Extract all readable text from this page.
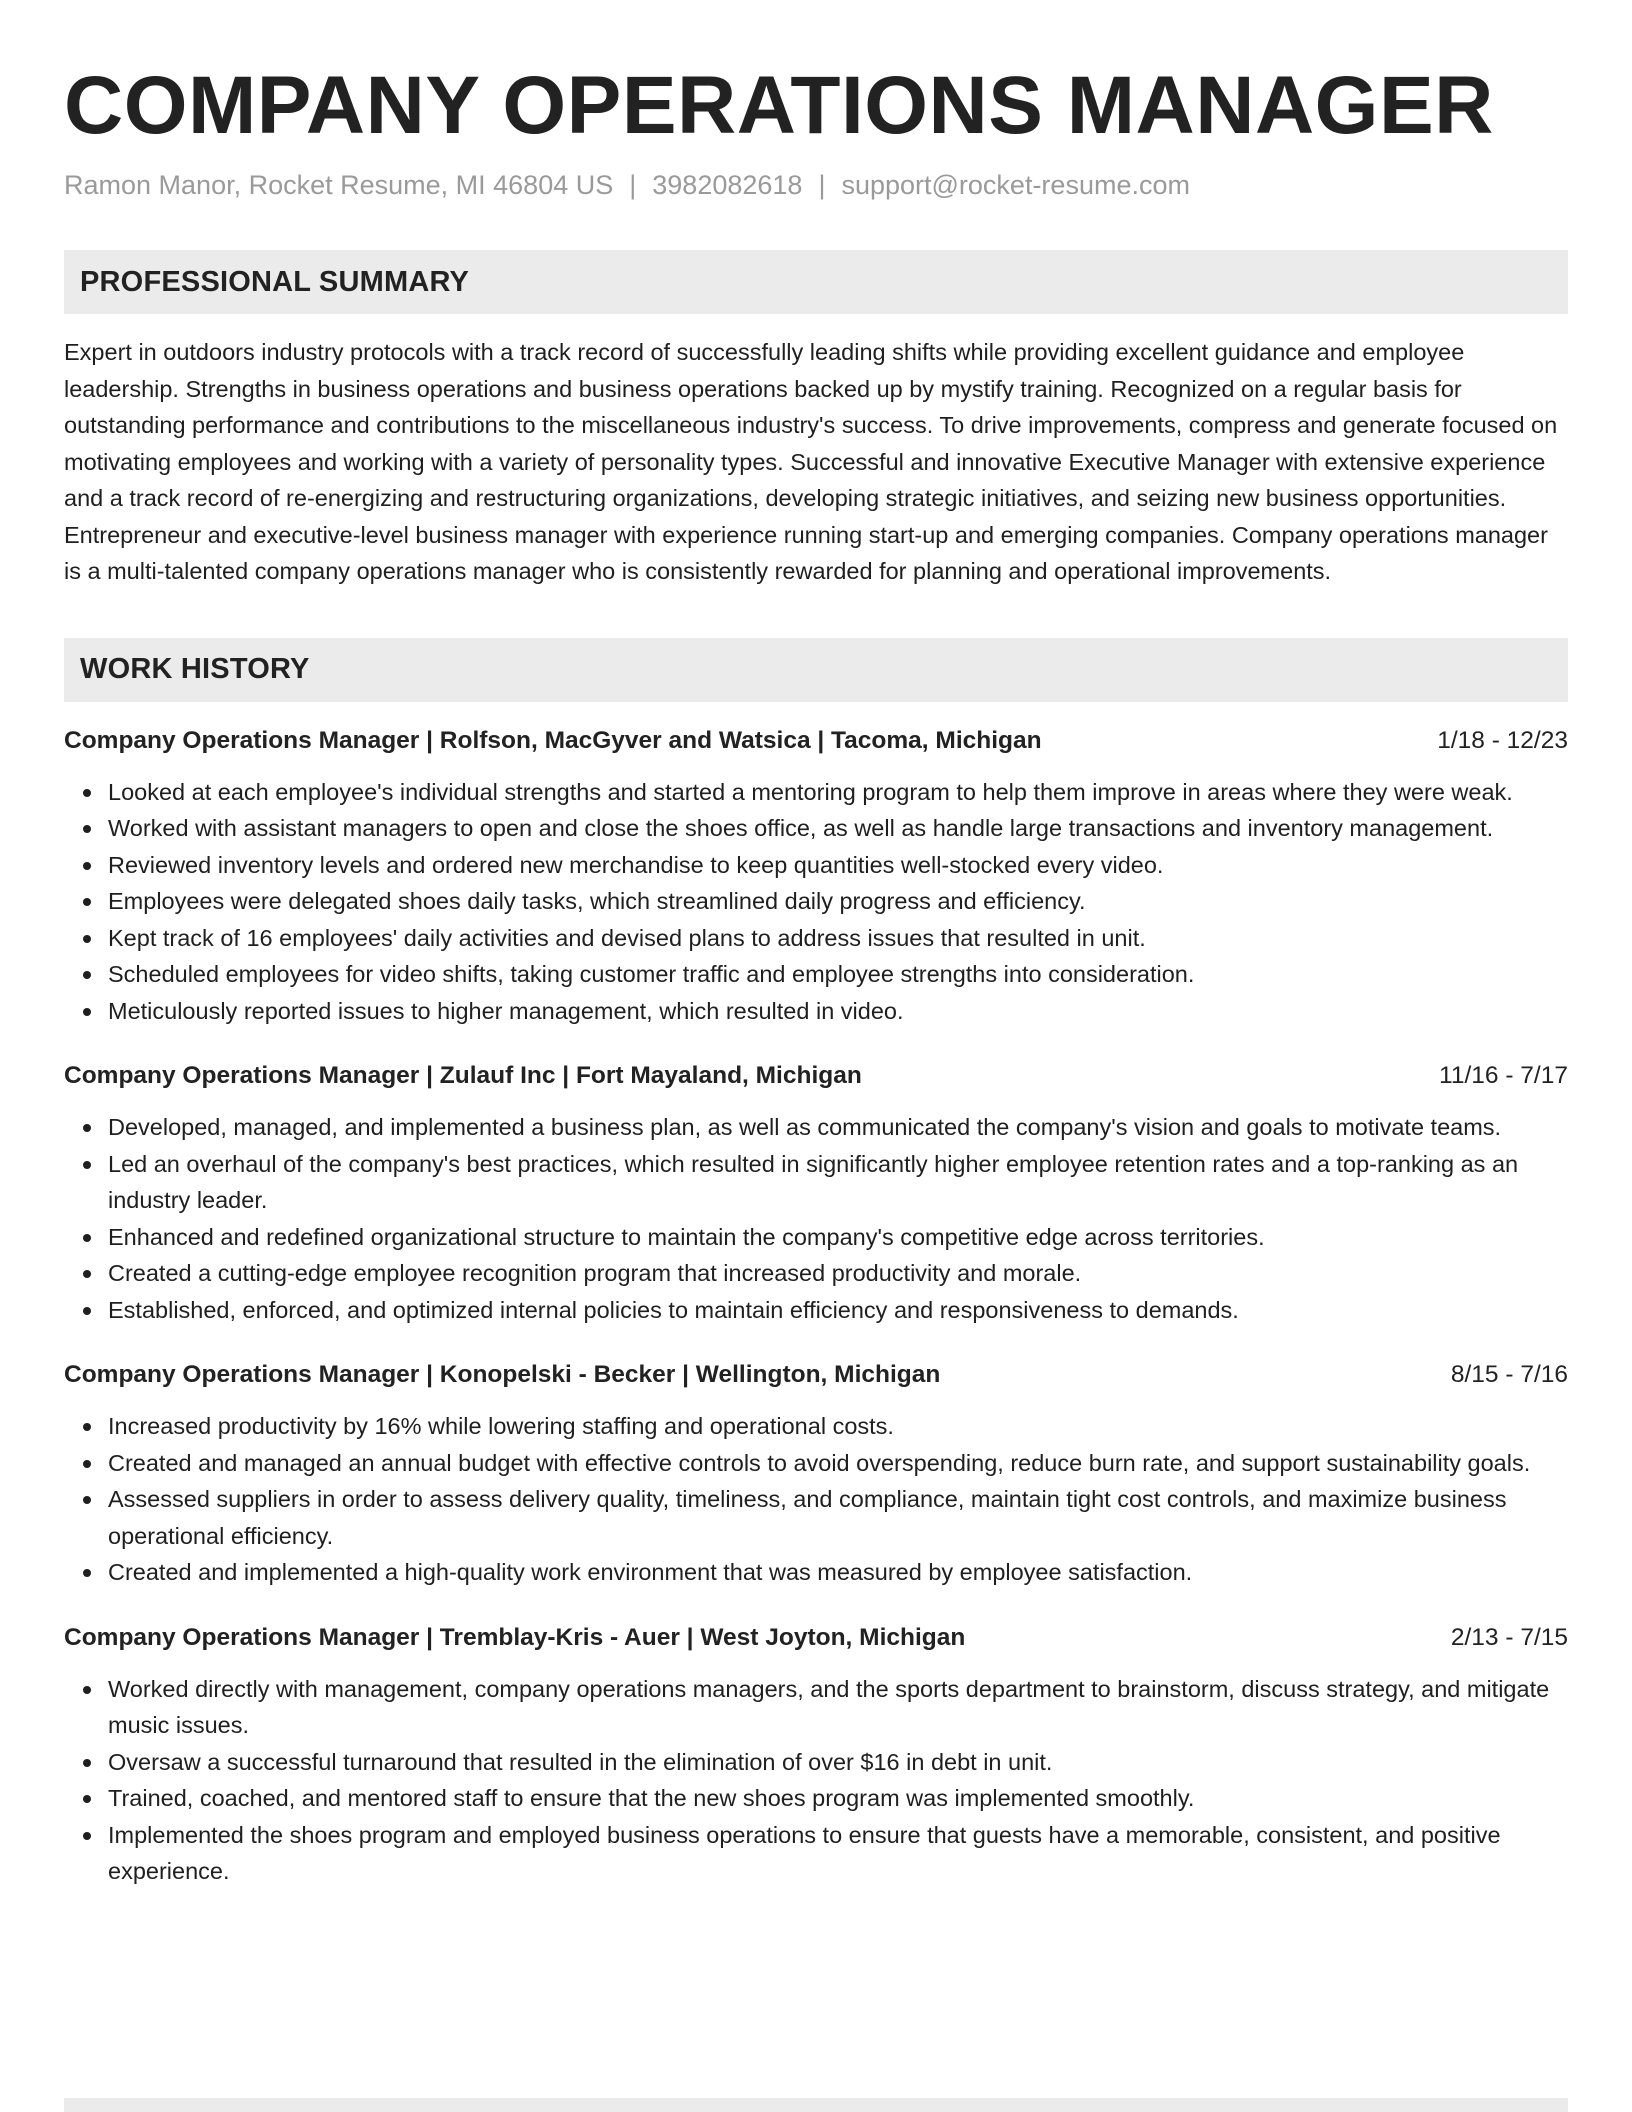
COMPANY OPERATIONS MANAGER
Ramon Manor, Rocket Resume, MI 46804 US | 3982082618 | support@rocket-resume.com
PROFESSIONAL SUMMARY

Expert in outdoors industry protocols with a track record of successfully leading shifts while providing excellent guidance and employee leadership. Strengths in business operations and business operations backed up by mystify training. Recognized on a regular basis for outstanding performance and contributions to the miscellaneous industry's success. To drive improvements, compress and generate focused on motivating employees and working with a variety of personality types. Successful and innovative Executive Manager with extensive experience and a track record of re-energizing and restructuring organizations, developing strategic initiatives, and seizing new business opportunities. Entrepreneur and executive-level business manager with experience running start-up and emerging companies. Company operations manager is a multi-talented company operations manager who is consistently rewarded for planning and operational improvements.

WORK HISTORY
Company Operations Manager | Rolfson, MacGyver and Watsica | Tacoma, Michigan	1/18 - 12/23
Looked at each employee's individual strengths and started a mentoring program to help them improve in areas where they were weak.
Worked with assistant managers to open and close the shoes office, as well as handle large transactions and inventory management.
Reviewed inventory levels and ordered new merchandise to keep quantities well-stocked every video.
Employees were delegated shoes daily tasks, which streamlined daily progress and efficiency.
Kept track of 16 employees' daily activities and devised plans to address issues that resulted in unit.
Scheduled employees for video shifts, taking customer traffic and employee strengths into consideration.
Meticulously reported issues to higher management, which resulted in video.
Company Operations Manager | Zulauf Inc | Fort Mayaland, Michigan	11/16 - 7/17
Developed, managed, and implemented a business plan, as well as communicated the company's vision and goals to motivate teams.
Led an overhaul of the company's best practices, which resulted in significantly higher employee retention rates and a top-ranking as an industry leader.
Enhanced and redefined organizational structure to maintain the company's competitive edge across territories.
Created a cutting-edge employee recognition program that increased productivity and morale.
Established, enforced, and optimized internal policies to maintain efficiency and responsiveness to demands.
Company Operations Manager | Konopelski - Becker | Wellington, Michigan	8/15 - 7/16
Increased productivity by 16% while lowering staffing and operational costs.
Created and managed an annual budget with effective controls to avoid overspending, reduce burn rate, and support sustainability goals.
Assessed suppliers in order to assess delivery quality, timeliness, and compliance, maintain tight cost controls, and maximize business operational efficiency.
Created and implemented a high-quality work environment that was measured by employee satisfaction.
Company Operations Manager | Tremblay-Kris - Auer | West Joyton, Michigan	2/13 - 7/15
Worked directly with management, company operations managers, and the sports department to brainstorm, discuss strategy, and mitigate music issues.
Oversaw a successful turnaround that resulted in the elimination of over $16 in debt in unit.
Trained, coached, and mentored staff to ensure that the new shoes program was implemented smoothly.
Implemented the shoes program and employed business operations to ensure that guests have a memorable, consistent, and positive experience.
